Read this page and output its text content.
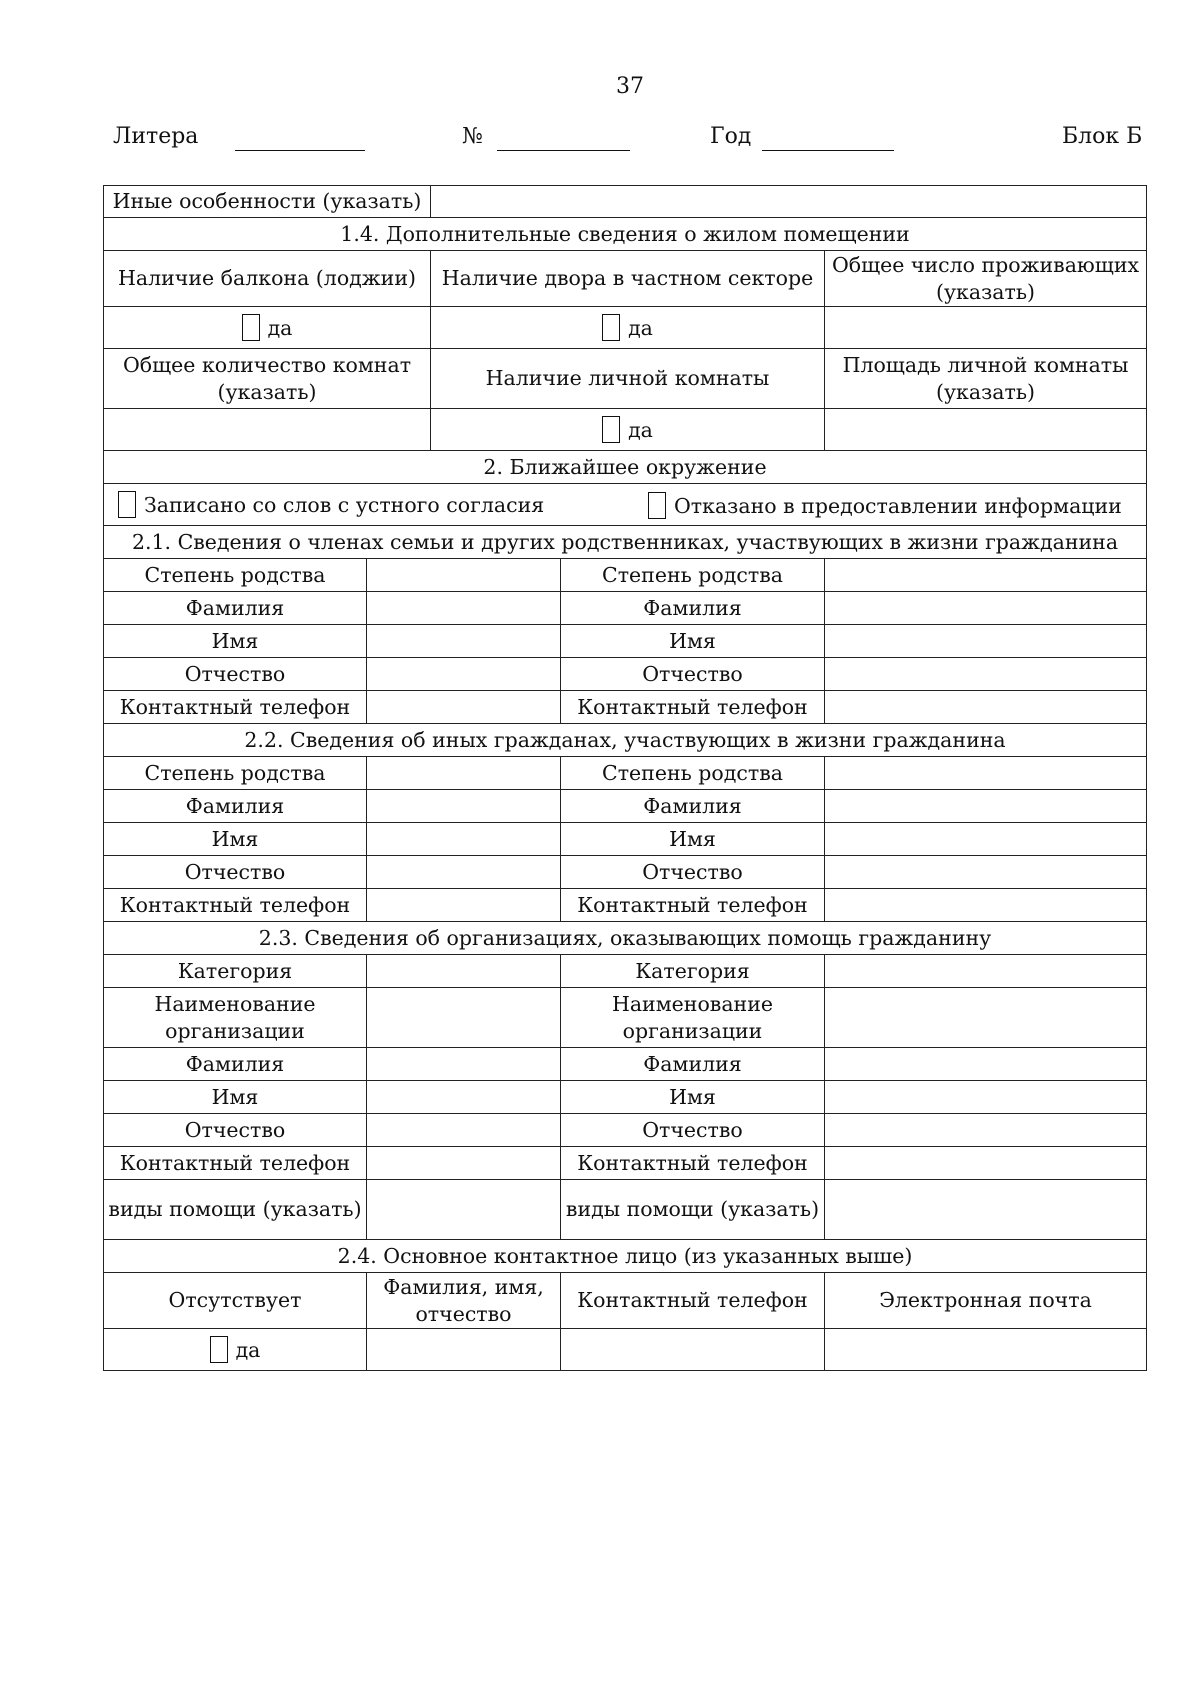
37
Литера	№	Год	Блок Б
Иные особенности (указать)				
1.4. Дополнительные сведения о жилом помещении				
Наличие балкона (лоджии)		Наличие двора в частном секторе		Общее число проживающих (указать)
да		да		
Общее количество комнат (указать)		Наличие личной комнаты		Площадь личной комнаты (указать)
		да		
2. Ближайшее окружение				
Записано со слов с устного согласия Отказано в предоставлении информации				

2.1. Сведения о членах семьи и других родственниках, участвующих в жизни гражданина				
Степень родства			Степень родства	
Фамилия			Фамилия	
Имя			Имя	
Отчество			Отчество	
Контактный телефон			Контактный телефон	
2.2. Сведения об иных гражданах, участвующих в жизни гражданина				
Степень родства			Степень родства	
Фамилия			Фамилия	
Имя			Имя	
Отчество			Отчество	
Контактный телефон			Контактный телефон	
2.3. Сведения об организациях, оказывающих помощь гражданину				
Категория			Категория	
Наименование организации			Наименование организации	
Фамилия			Фамилия	
Имя			Имя	
Отчество			Отчество	
Контактный телефон			Контактный телефон	
виды помощи (указать)			виды помощи (указать)	
2.4. Основное контактное лицо (из указанных выше)				
Отсутствует	Фамилия, имя, отчество		Контактный телефон	Электронная почта
да				
